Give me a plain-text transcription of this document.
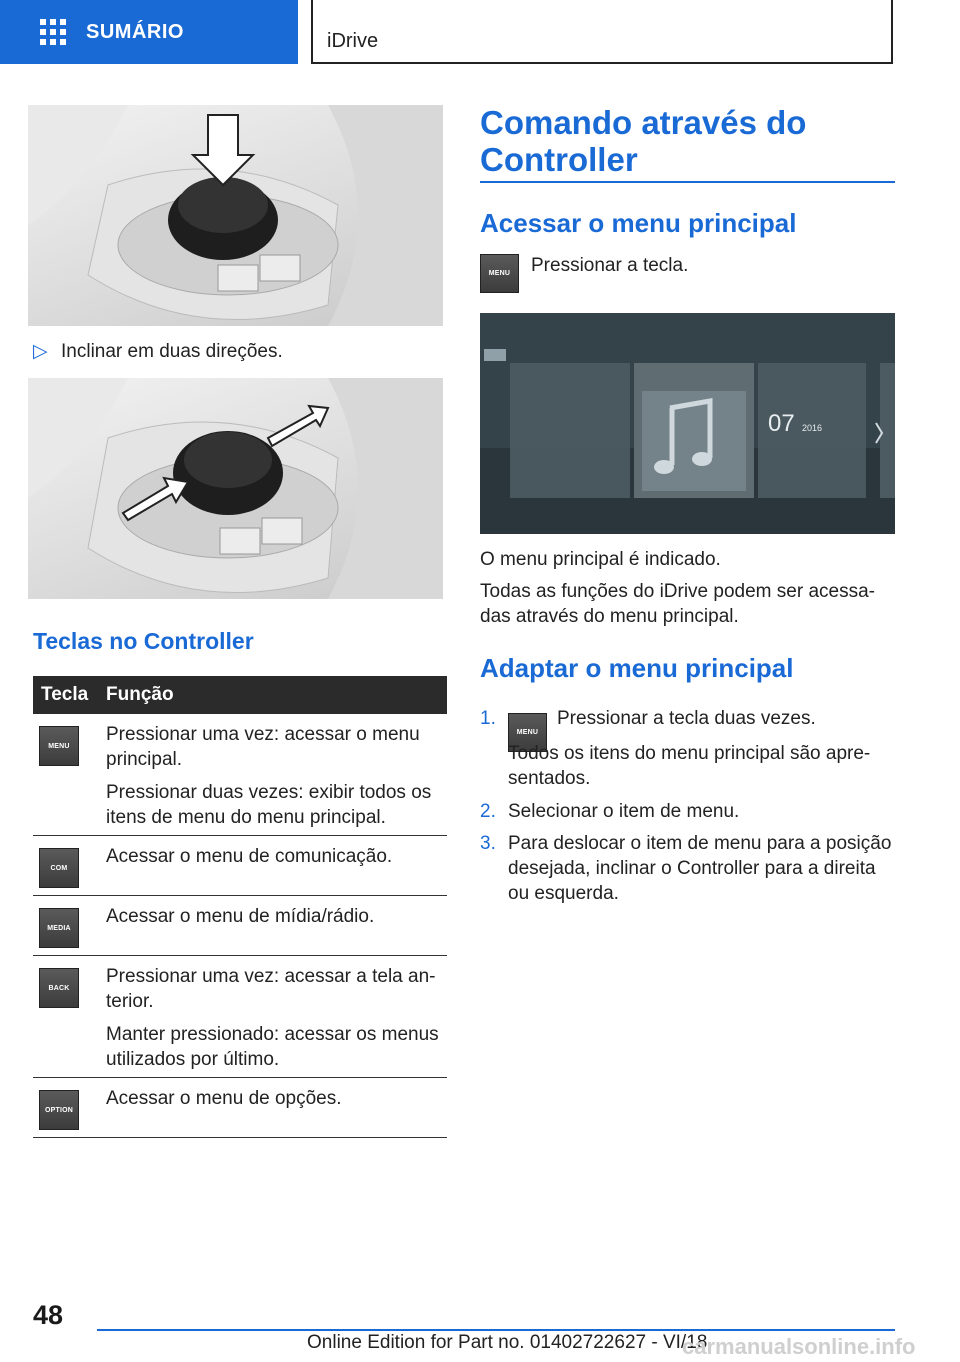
SUMÁRIO	iDrive
▷ Inclinar em duas direções.
Teclas no Controller
Tecla Função
MENU

Pressionar uma vez: acessar o menu principal.

Pressionar duas vezes: exibir todos os itens de menu do menu principal.

COM

Acessar o menu de comunicação.

MEDIA

Acessar o menu de mídia/rádio.

BACK

Pressionar uma vez: acessar a tela an-terior.

Manter pressionado: acessar os menus utilizados por último.

OPTION

Acessar o menu de opções.

Comando através do Controller
Acessar o menu principal
MENU	Pressionar a tecla.
07 2016
O menu principal é indicado.
Todas as funções do iDrive podem ser acessa-das através do menu principal.
Adaptar o menu principal
1.MENUPressionar a tecla duas vezes.
Todos os itens do menu principal são apre-sentados.
2. Selecionar o item de menu.
3. Para deslocar o item de menu para a posição desejada, inclinar o Controller para a direita ou esquerda.
48
Online Edition for Part no. 01402722627 - VI/18
carmanualsonline.info
